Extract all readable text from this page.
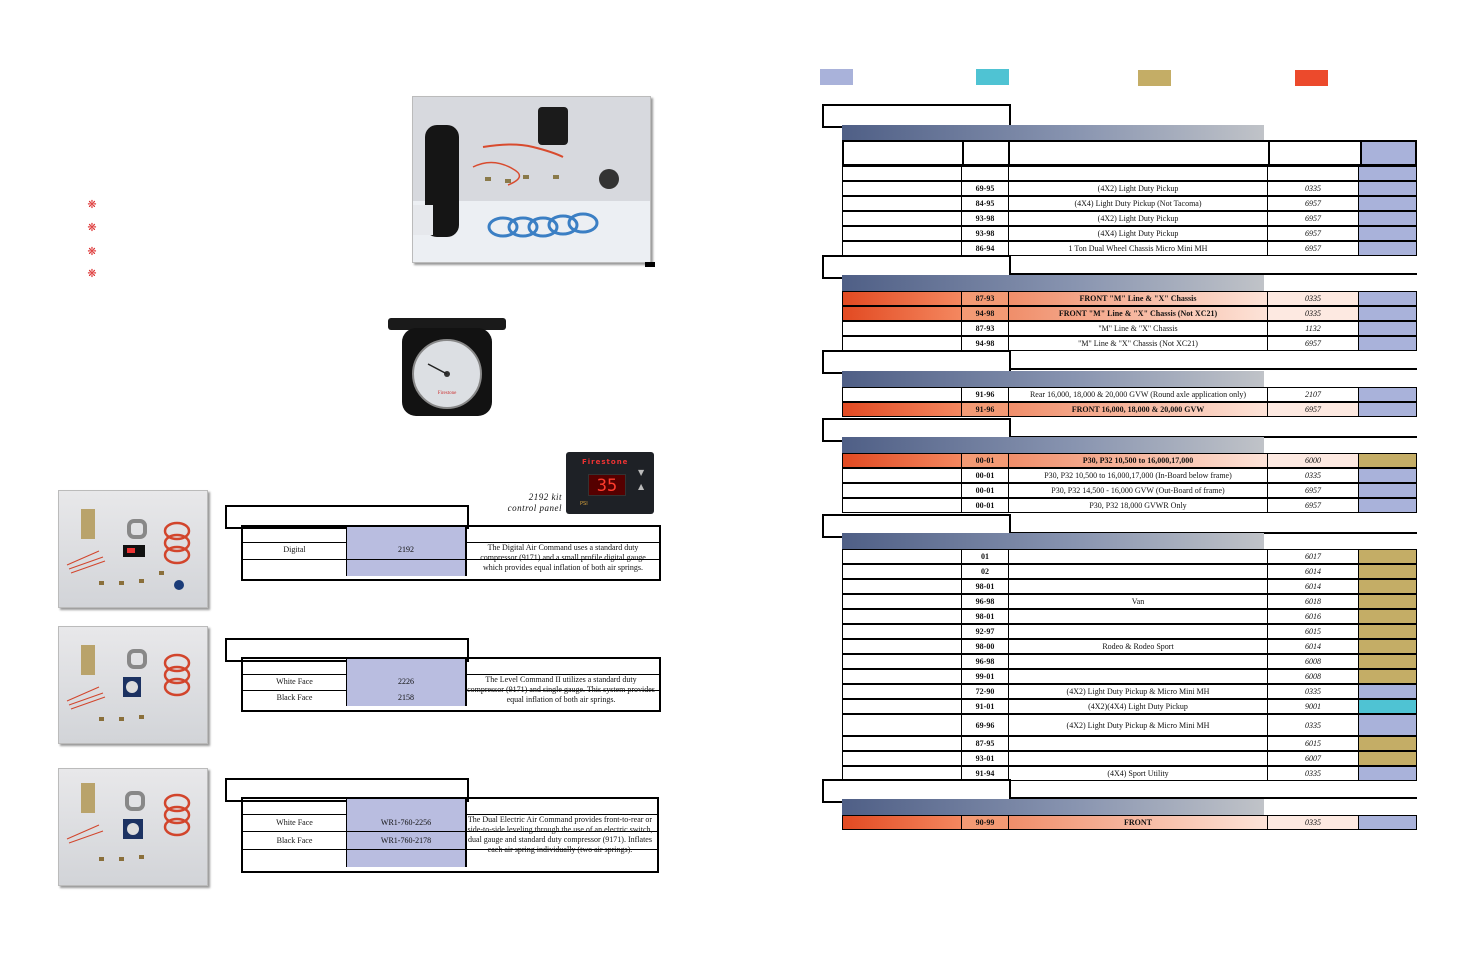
❋
❋
❋
❋
Firestone
Firestone
35
PSI
▼
▲
2192 kit
control panel
Digital	2192	The Digital Air Command uses a standard duty compressor (9171) and a small profile digital gauge which provides equal inflation of both air springs.
White Face	2226
Black Face	2158
The Level Command II utilizes a standard duty compressor (9171) and single gauge. This system provides equal inflation of both air springs.
White Face	WR1-760-2256
Black Face	WR1-760-2178
The Dual Electric Air Command provides front-to-rear or side-to-side leveling through the use of an electric switch, dual gauge and standard duty compressor (9171). Inflates each air spring individually (two air springs).
69-95	(4X2) Light Duty Pickup	0335
84-95	(4X4) Light Duty Pickup (Not Tacoma)	6957
93-98	(4X2) Light Duty Pickup	6957
93-98	(4X4) Light Duty Pickup	6957
86-94	1 Ton Dual Wheel Chassis Micro Mini MH	6957
87-93	FRONT "M" Line & "X" Chassis	0335
94-98	FRONT "M" Line & "X" Chassis (Not XC21)	0335
87-93	"M" Line & "X" Chassis	1132
94-98	"M" Line & "X" Chassis (Not XC21)	6957
91-96	Rear 16,000, 18,000 & 20,000 GVW (Round axle application only)	2107
91-96	FRONT 16,000, 18,000 & 20,000 GVW	6957
00-01	P30, P32 10,500 to 16,000,17,000	6000
00-01	P30, P32 10,500 to 16,000,17,000 (In-Board below frame)	0335
00-01	P30, P32 14,500 - 16,000 GVW (Out-Board of frame)	6957
00-01	P30, P32 18,000 GVWR Only	6957
01	6017
02	6014
98-01	6014
96-98	Van	6018
98-01	6016
92-97	6015
98-00	Rodeo & Rodeo Sport	6014
96-98	6008
99-01	6008
72-90	(4X2) Light Duty Pickup & Micro Mini MH	0335
91-01	(4X2)(4X4) Light Duty Pickup	9001
69-96	(4X2) Light Duty Pickup & Micro Mini MH	0335
87-95	6015
93-01	6007
91-94	(4X4) Sport Utility	0335
90-99	FRONT	0335
